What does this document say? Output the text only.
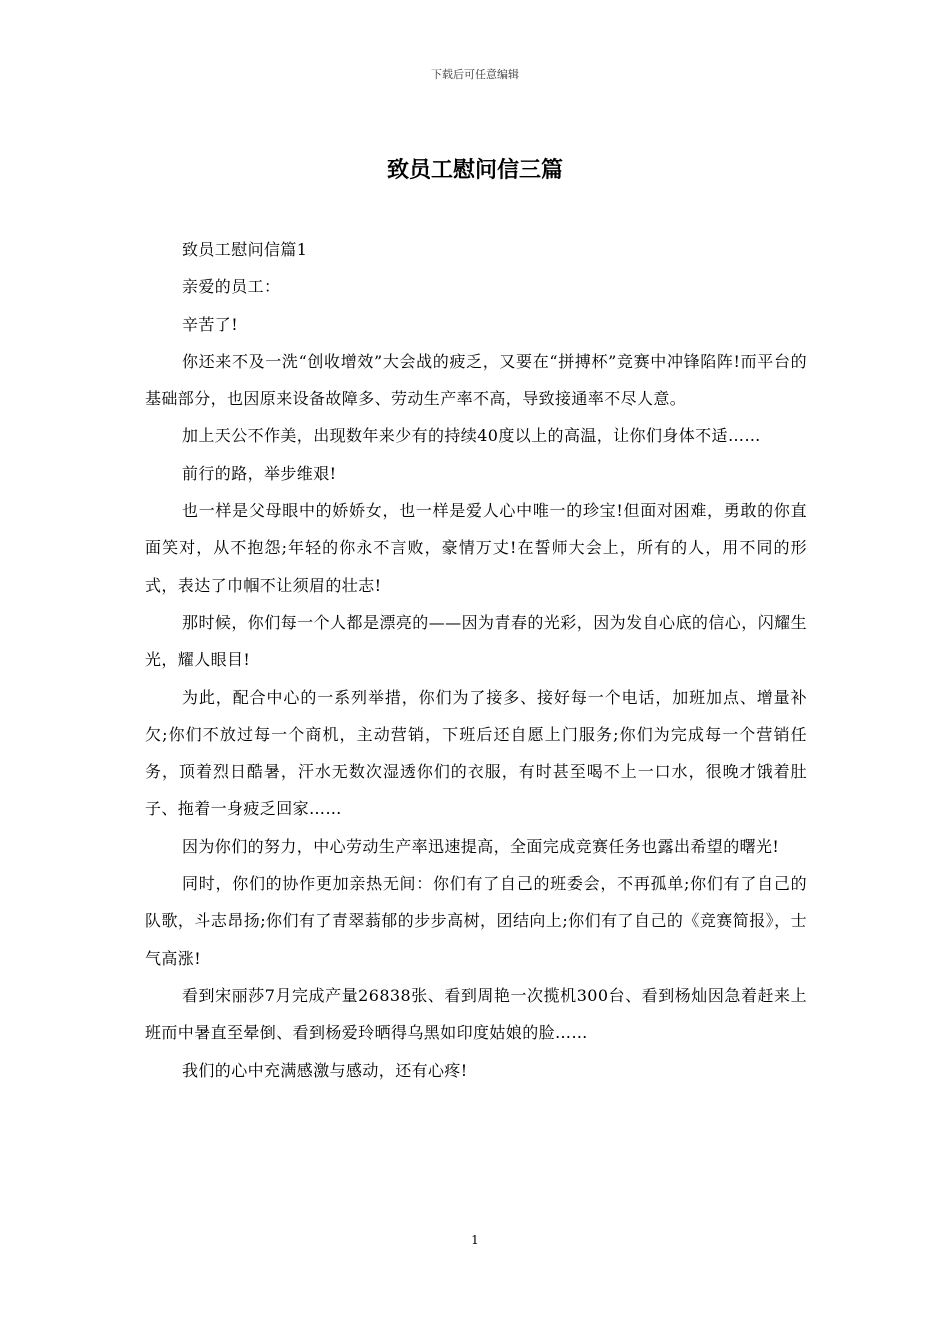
下载后可任意编辑
致员工慰问信三篇

致员工慰问信篇1

亲爱的员工：

辛苦了!

你还来不及一洗“创收增效”大会战的疲乏，又要在“拼搏杯”竞赛中冲锋陷阵!而平台的基础部分，也因原来设备故障多、劳动生产率不高，导致接通率不尽人意。

加上天公不作美，出现数年来少有的持续40度以上的高温，让你们身体不适……

前行的路，举步维艰!

也一样是父母眼中的娇娇女，也一样是爱人心中唯一的珍宝!但面对困难，勇敢的你直面笑对，从不抱怨;年轻的你永不言败，豪情万丈!在誓师大会上，所有的人，用不同的形式，表达了巾帼不让须眉的壮志!

那时候，你们每一个人都是漂亮的——因为青春的光彩，因为发自心底的信心，闪耀生光，耀人眼目!

为此，配合中心的一系列举措，你们为了接多、接好每一个电话，加班加点、增量补欠;你们不放过每一个商机，主动营销，下班后还自愿上门服务;你们为完成每一个营销任务，顶着烈日酷暑，汗水无数次湿透你们的衣服，有时甚至喝不上一口水，很晚才饿着肚子、拖着一身疲乏回家……

因为你们的努力，中心劳动生产率迅速提高，全面完成竞赛任务也露出希望的曙光!

同时，你们的协作更加亲热无间：你们有了自己的班委会，不再孤单;你们有了自己的队歌，斗志昂扬;你们有了青翠蓊郁的步步高树，团结向上;你们有了自己的《竞赛简报》，士气高涨!

看到宋丽莎7月完成产量26838张、看到周艳一次揽机300台、看到杨灿因急着赶来上班而中暑直至晕倒、看到杨爱玲晒得乌黑如印度姑娘的脸……

我们的心中充满感激与感动，还有心疼!

1
